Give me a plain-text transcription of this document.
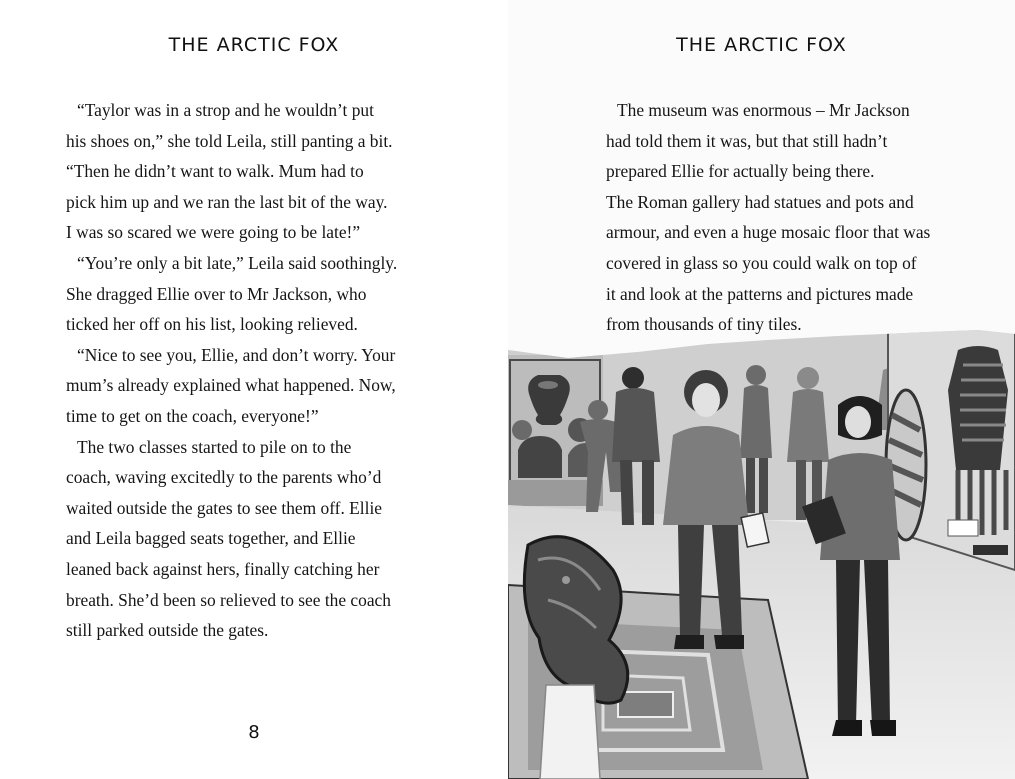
THE ARCTIC FOX

“Taylor was in a strop and he wouldn’t put

his shoes on,” she told Leila, still panting a bit.

“Then he didn’t want to walk. Mum had to

pick him up and we ran the last bit of the way.

I was so scared we were going to be late!”

“You’re only a bit late,” Leila said soothingly.

She dragged Ellie over to Mr Jackson, who

ticked her off on his list, looking relieved.

“Nice to see you, Ellie, and don’t worry. Your

mum’s already explained what happened. Now,

time to get on the coach, everyone!”

The two classes started to pile on to the

coach, waving excitedly to the parents who’d

waited outside the gates to see them off. Ellie

and Leila bagged seats together, and Ellie

leaned back against hers, finally catching her

breath. She’d been so relieved to see the coach

still parked outside the gates.

8
THE ARCTIC FOX

The museum was enormous – Mr Jackson

had told them it was, but that still hadn’t

prepared Ellie for actually being there.

The Roman gallery had statues and pots and

armour, and even a huge mosaic floor that was

covered in glass so you could walk on top of

it and look at the patterns and pictures made

from thousands of tiny tiles.
